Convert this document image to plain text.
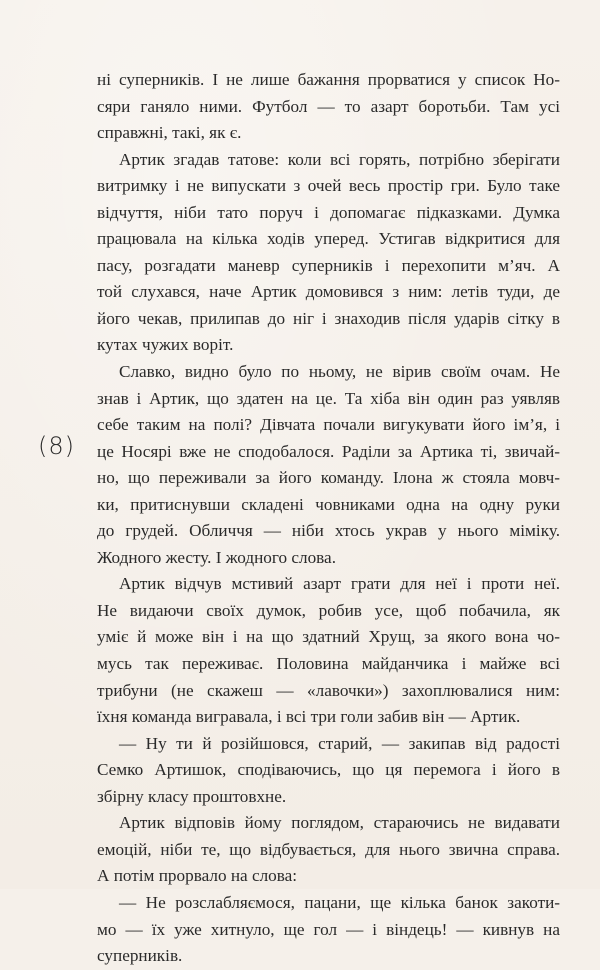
(8)
ні суперників. І не лише бажання прорватися у список Но-
сяри ганяло ними. Футбол — то азарт боротьби. Там усі
справжні, такі, як є.
Артик згадав татове: коли всі горять, потрібно зберігати
витримку і не випускати з очей весь простір гри. Було таке
відчуття, ніби тато поруч і допомагає підказками. Думка
працювала на кілька ходів уперед. Устигав відкритися для
пасу, розгадати маневр суперників і перехопити м’яч. А
той слухався, наче Артик домовився з ним: летів туди, де
його чекав, прилипав до ніг і знаходив після ударів сітку в
кутах чужих воріт.
Славко, видно було по ньому, не вірив своїм очам. Не
знав і Артик, що здатен на це. Та хіба він один раз уявляв
себе таким на полі? Дівчата почали вигукувати його ім’я, і
це Носярі вже не сподобалося. Раділи за Артика ті, звичай-
но, що переживали за його команду. Ілона ж стояла мовч-
ки, притиснувши складені човниками одна на одну руки
до грудей. Обличчя — ніби хтось украв у нього міміку.
Жодного жесту. І жодного слова.
Артик відчув мстивий азарт грати для неї і проти неї.
Не видаючи своїх думок, робив усе, щоб побачила, як
уміє й може він і на що здатний Хрущ, за якого вона чо-
мусь так переживає. Половина майданчика і майже всі
трибуни (не скажеш — «лавочки») захоплювалися ним:
їхня команда вигравала, і всі три голи забив він — Артик.
— Ну ти й розійшовся, старий, — закипав від радості
Семко Артишок, сподіваючись, що ця перемога і його в
збірну класу проштовхне.
Артик відповів йому поглядом, стараючись не видавати
емоцій, ніби те, що відбувається, для нього звична справа.
А потім прорвало на слова:
— Не розслабляємося, пацани, ще кілька банок закоти-
мо — їх уже хитнуло, ще гол — і віндець! — кивнув на
суперників.
